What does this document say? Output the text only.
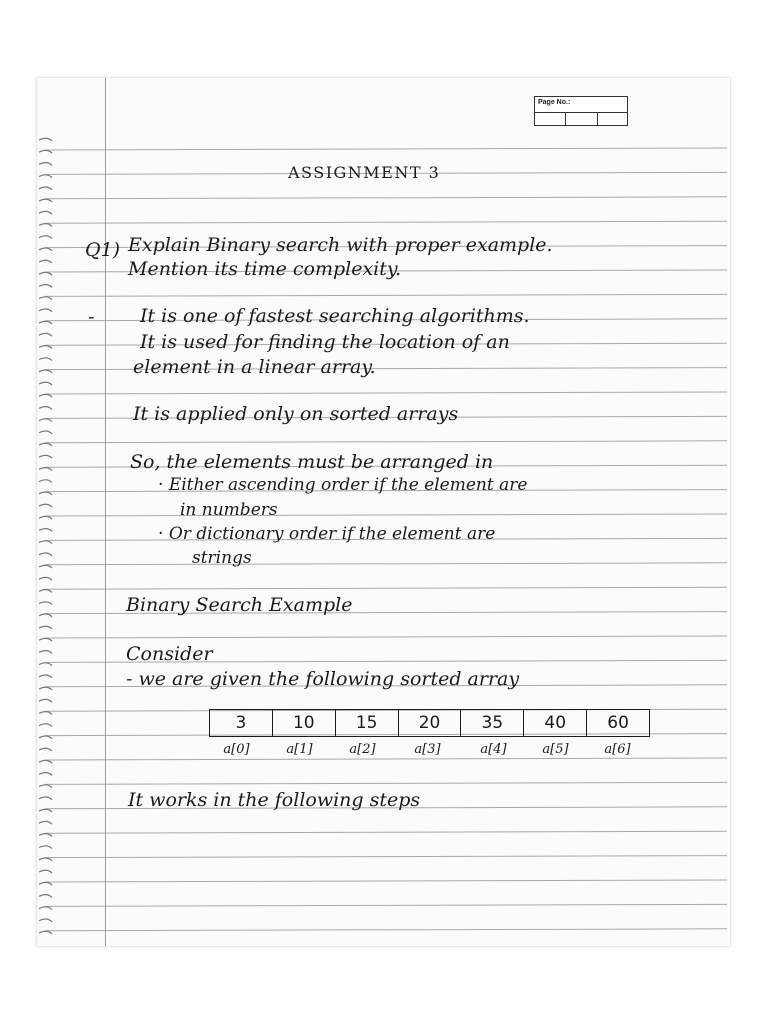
Page No.:
ASSIGNMENT 3
Q1) Explain Binary search with proper example.
Mention its time complexity.
- It is one of fastest searching algorithms.
It is used for finding the location of an
element in a linear array.
It is applied only on sorted arrays
So, the elements must be arranged in
· Either ascending order if the element are
in numbers
· Or dictionary order if the element are
strings
Binary Search Example
Consider
- we are given the following sorted array
3	10	15	20	35	40	60
a[0]	a[1]	a[2]	a[3]	a[4]	a[5]	a[6]
It works in the following steps
